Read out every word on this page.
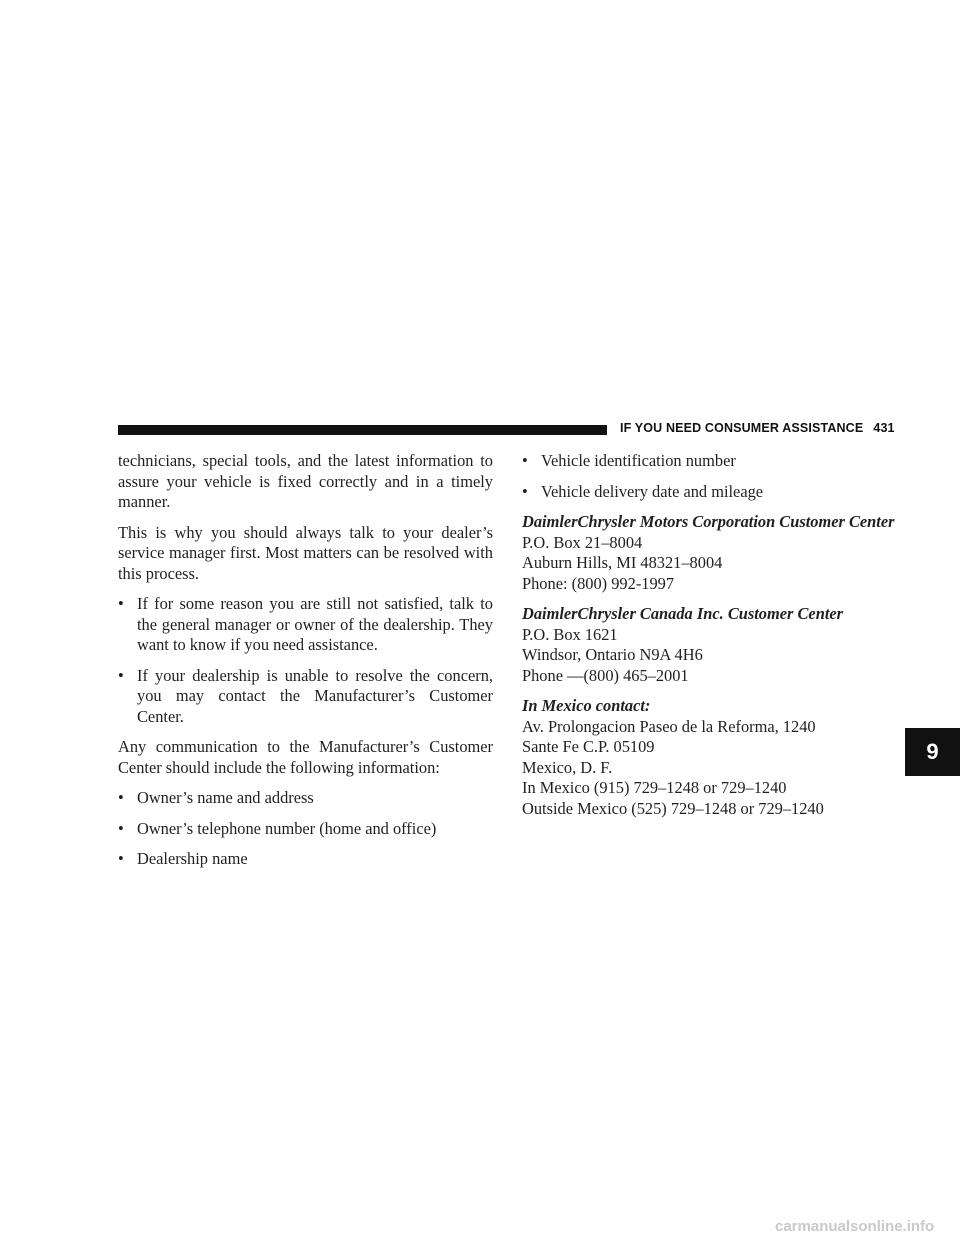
IF YOU NEED CONSUMER ASSISTANCE 431

technicians, special tools, and the latest information to assure your vehicle is fixed correctly and in a timely manner.

This is why you should always talk to your dealer’s service manager first. Most matters can be resolved with this process.

• If for some reason you are still not satisfied, talk to the general manager or owner of the dealership. They want to know if you need assistance.
• If your dealership is unable to resolve the concern, you may contact the Manufacturer’s Customer Center.

Any communication to the Manufacturer’s Customer Center should include the following information:

• Owner’s name and address
• Owner’s telephone number (home and office)
• Dealership name
• Vehicle identification number
• Vehicle delivery date and mileage
DaimlerChrysler Motors Corporation Customer Center
P.O. Box 21–8004
Auburn Hills, MI 48321–8004
Phone: (800) 992-1997
DaimlerChrysler Canada Inc. Customer Center
P.O. Box 1621
Windsor, Ontario N9A 4H6
Phone —(800) 465–2001
In Mexico contact:
Av. Prolongacion Paseo de la Reforma, 1240
Sante Fe C.P. 05109
Mexico, D. F.
In Mexico (915) 729–1248 or 729–1240
Outside Mexico (525) 729–1248 or 729–1240
9
carmanualsonline.info
